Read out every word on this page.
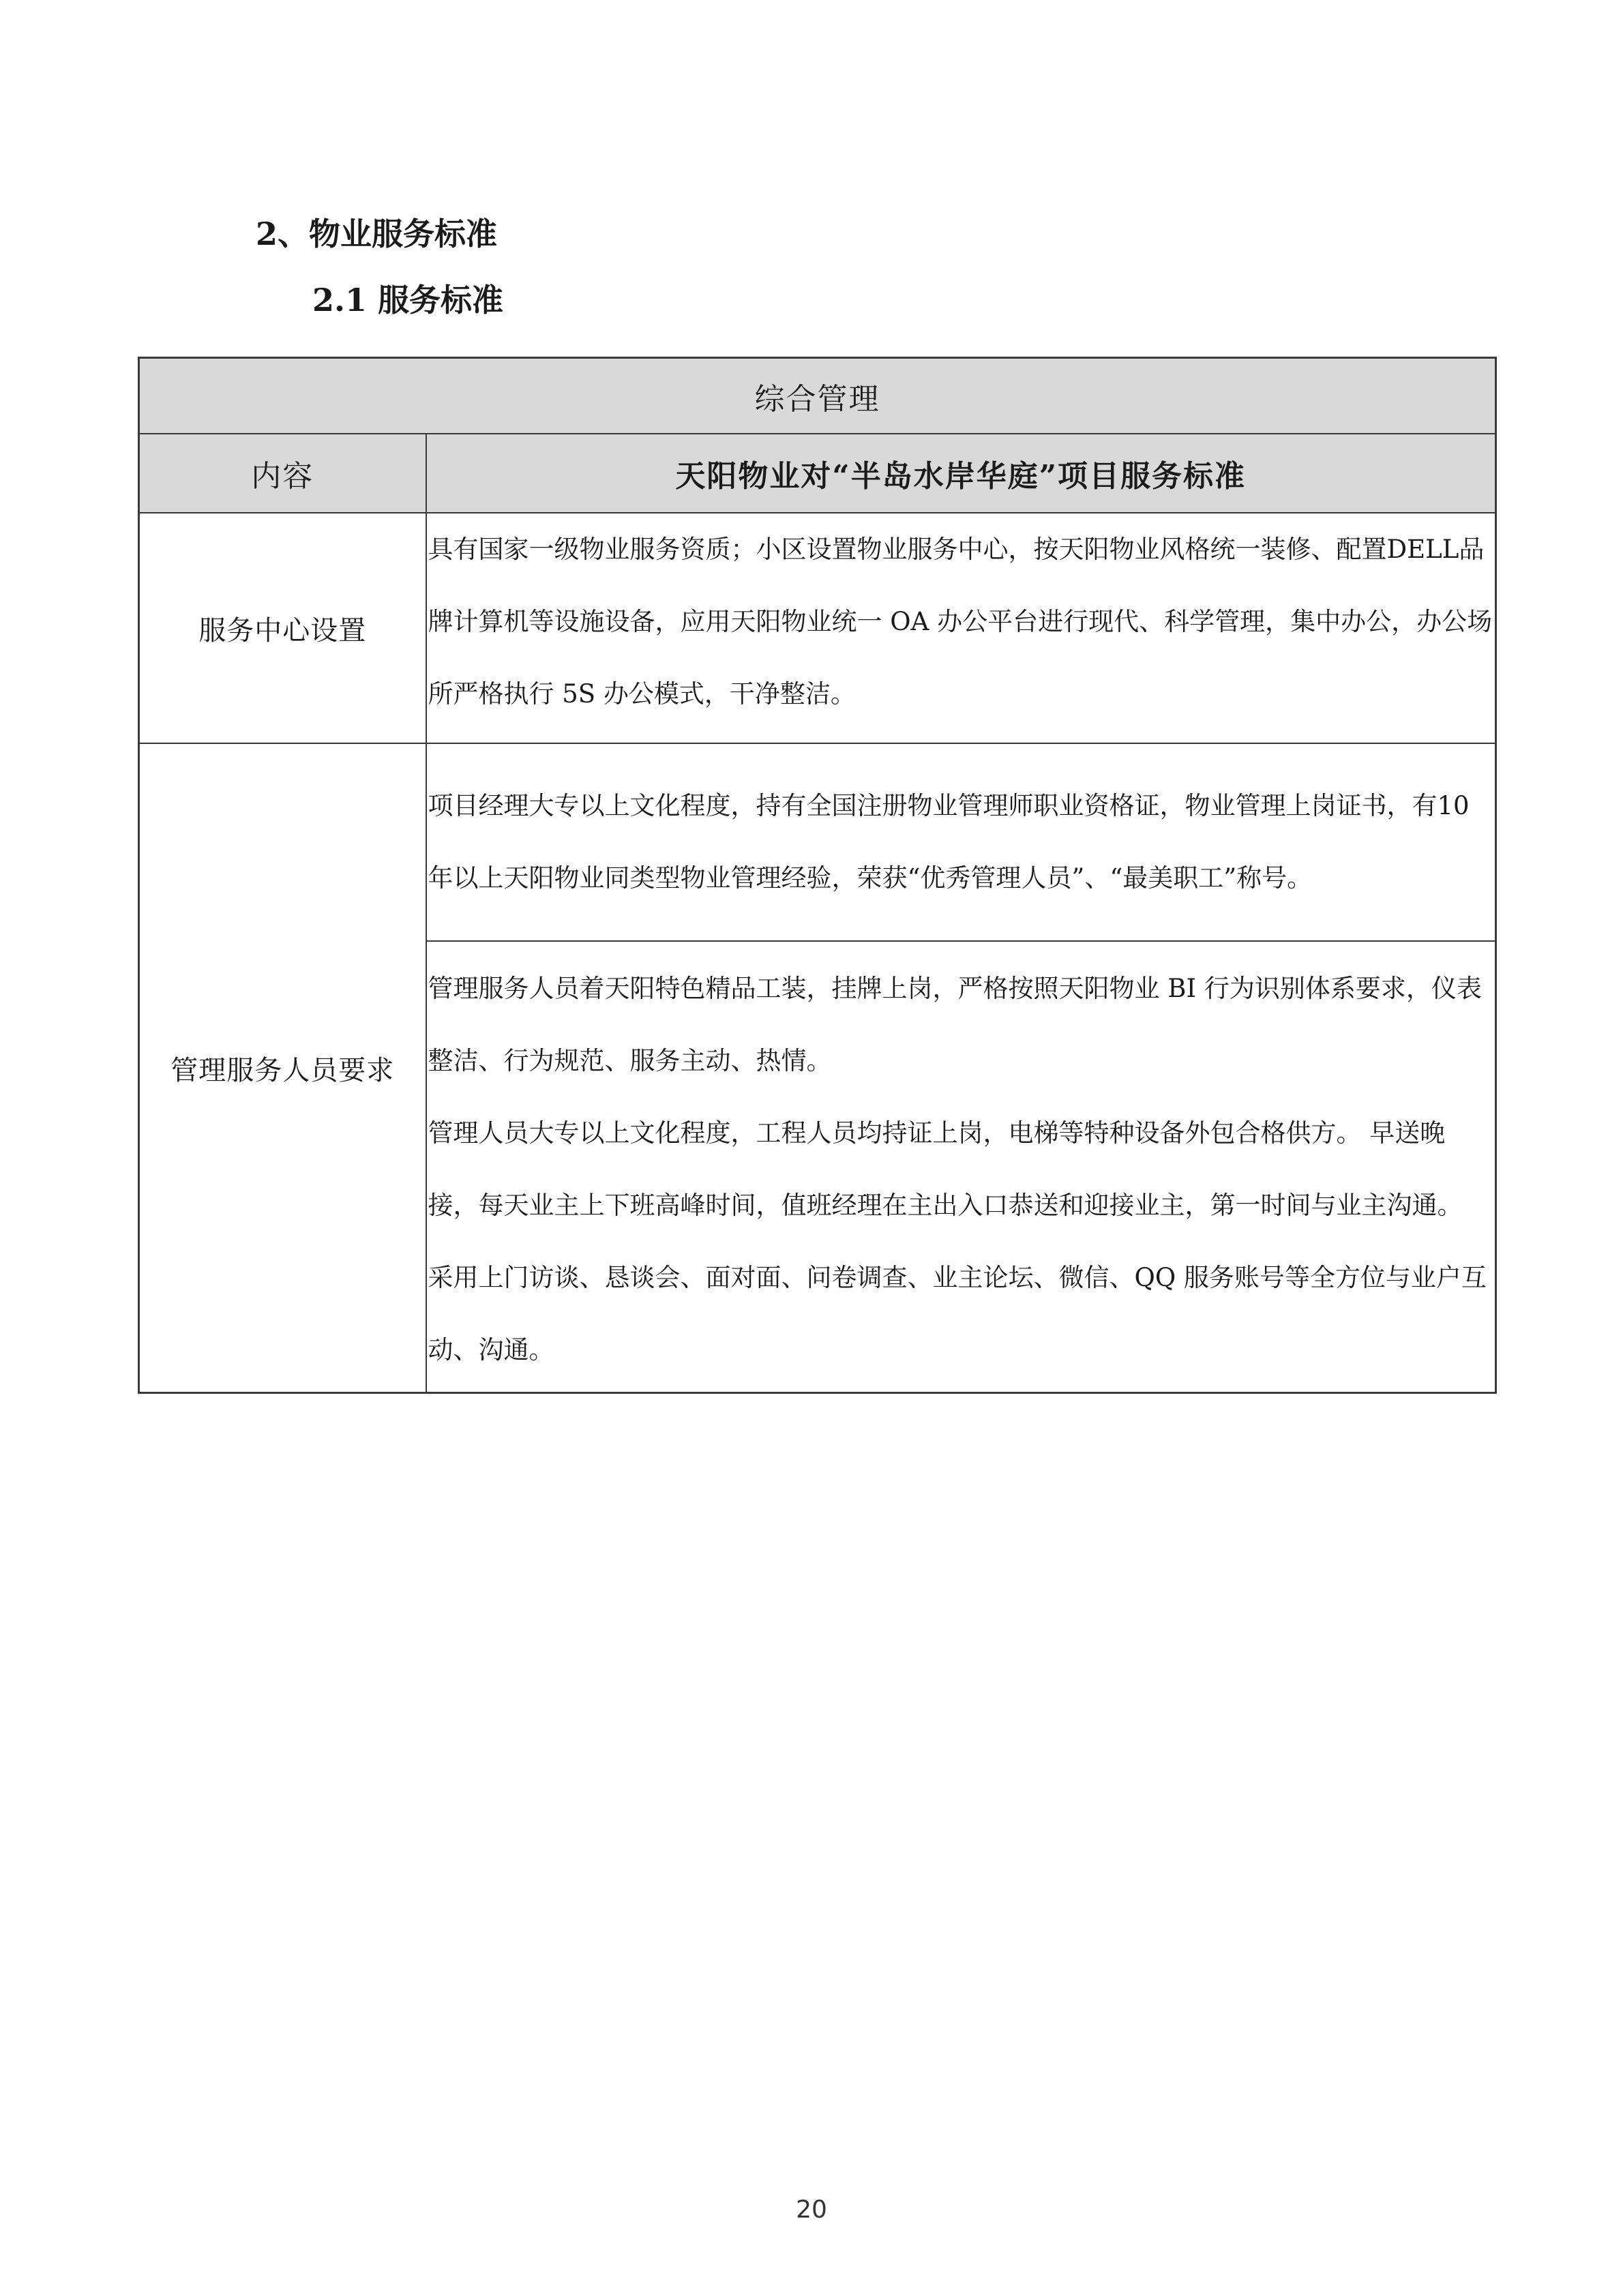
2、物业服务标准
2.1 服务标准
综合管理	
内容	天阳物业对“半岛水岸华庭”项目服务标准
服务中心设置	具有国家一级物业服务资质；小区设置物业服务中心，按天阳物业风格统一装修、配置DELL品牌计算机等设施设备，应用天阳物业统一 OA 办公平台进行现代、科学管理，集中办公，办公场所严格执行 5S 办公模式，干净整洁。

管理服务人员要求	项目经理大专以上文化程度，持有全国注册物业管理师职业资格证，物业管理上岗证书，有10年以上天阳物业同类型物业管理经验，荣获“优秀管理人员”、“最美职工”称号。

	管理服务人员着天阳特色精品工装，挂牌上岗，严格按照天阳物业 BI 行为识别体系要求，仪表整洁、行为规范、服务主动、热情。
管理人员大专以上文化程度，工程人员均持证上岗，电梯等特种设备外包合格供方。 早送晚接，每天业主上下班高峰时间，值班经理在主出入口恭送和迎接业主，第一时间与业主沟通。
采用上门访谈、恳谈会、面对面、问卷调查、业主论坛、微信、QQ 服务账号等全方位与业户互动、沟通。
20
